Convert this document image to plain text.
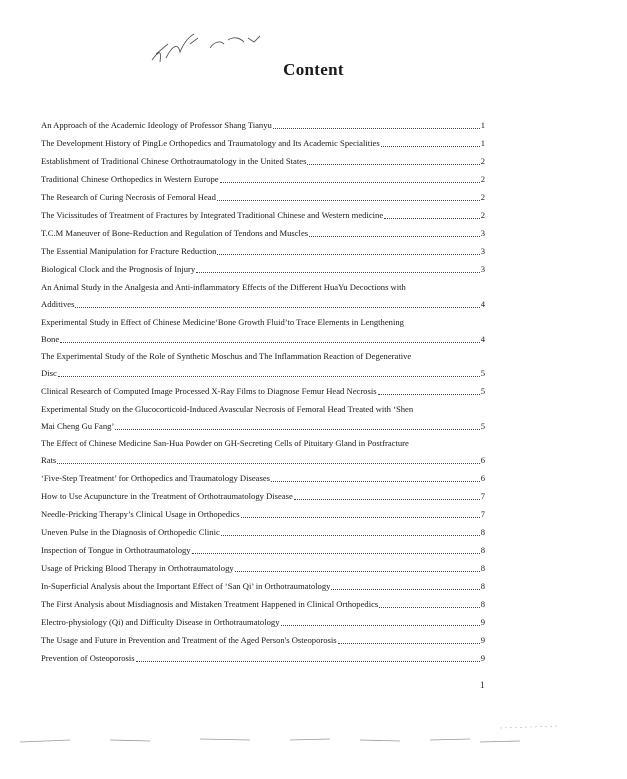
Content
An Approach of the Academic Ideology of Professor Shang Tianyu	1
The Development History of PingLe Orthopedics and Traumatology and Its Academic Specialities	1
Establishment of Traditional Chinese Orthotraumatology in the United States	2
Traditional Chinese Orthopedics in Western Europe	2
The Research of Curing Necrosis of Femoral Head	2
The Vicissitudes of Treatment of Fractures by Integrated Traditional Chinese and Western medicine	2
T.C.M Maneuver of Bone-Reduction and Regulation of Tendons and Muscles	3
The Essential Manipulation for Fracture Reduction	3
Biological Clock and the Prognosis of Injury	3
An Animal Study in the Analgesia and Anti-inflammatory Effects of the Different HuaYu Decoctions with
Additives	4
Experimental Study in Effect of Chinese Medicine‘Bone Growth Fluid’to Trace Elements in Lengthening
Bone	4
The Experimental Study of the Role of Synthetic Moschus and The Inflammation Reaction of Degenerative
Disc	5
Clinical Research of Computed Image Processed X-Ray Films to Diagnose Femur Head Necrosis	5
Experimental Study on the Glucocorticoid-Induced Avascular Necrosis of Femoral Head Treated with ‘Shen
Mai Cheng Gu Fang’	5
The Effect of Chinese Medicine San-Hua Powder on GH-Secreting Cells of Pituitary Gland in Postfracture
Rats	6
‘Five-Step Treatment’ for Orthopedics and Traumatology Diseases	6
How to Use Acupuncture in the Treatment of Orthotraumatology Disease	7
Needle-Pricking Therapy’s Clinical Usage in Orthopedics	7
Uneven Pulse in the Diagnosis of Orthopedic Clinic	8
Inspection of Tongue in Orthotraumatology	8
Usage of Pricking Blood Therapy in Orthotraumatology	8
In-Superficial Analysis about the Important Effect of ‘San Qi’ in Orthotraumatology	8
The First Analysis about Misdiagnosis and Mistaken Treatment Happened in Clinical Orthopedics	8
Electro-physiology (Qi) and Difficulty Disease in Orthotraumatology	9
The Usage and Future in Prevention and Treatment of the Aged Person's Osteoporosis	9
Prevention of Osteoporosis	9
1
